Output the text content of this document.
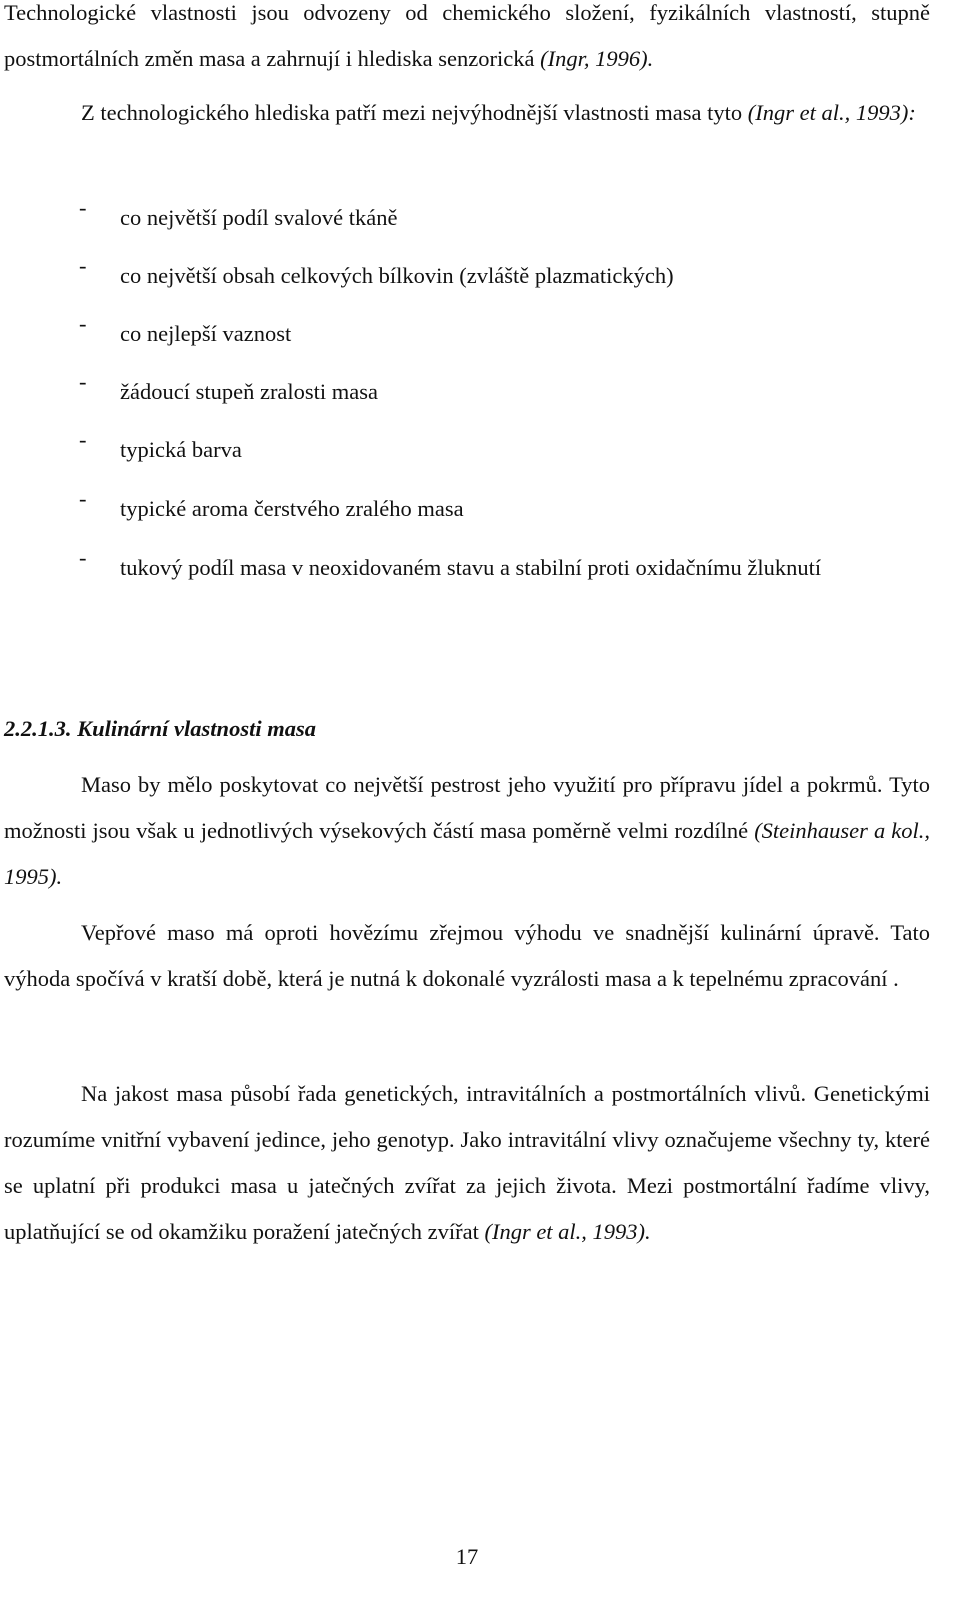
Technologické vlastnosti jsou odvozeny od chemického složení, fyzikálních vlastností, stupně postmortálních změn masa a zahrnují i hlediska senzorická (Ingr, 1996).

Z technologického hlediska patří mezi nejvýhodnější vlastnosti masa tyto (Ingr et al., 1993):

- co největší podíl svalové tkáně
- co největší obsah celkových bílkovin (zvláště plazmatických)
- co nejlepší vaznost
- žádoucí stupeň zralosti masa
- typická barva
- typické aroma čerstvého zralého masa
- tukový podíl masa v neoxidovaném stavu a stabilní proti oxidačnímu žluknutí
2.2.1.3. Kulinární vlastnosti masa

Maso by mělo poskytovat co největší pestrost jeho využití pro přípravu jídel a pokrmů. Tyto možnosti jsou však u jednotlivých výsekových částí masa poměrně velmi rozdílné (Steinhauser a kol., 1995).

Vepřové maso má oproti hovězímu zřejmou výhodu ve snadnější kulinární úpravě. Tato výhoda spočívá v kratší době, která je nutná k dokonalé vyzrálosti masa a k tepelnému zpracování .

Na jakost masa působí řada genetických, intravitálních a postmortálních vlivů. Genetickými rozumíme vnitřní vybavení jedince, jeho genotyp. Jako intravitální vlivy označujeme všechny ty, které se uplatní při produkci masa u jatečných zvířat za jejich života. Mezi postmortální řadíme vlivy, uplatňující se od okamžiku poražení jatečných zvířat (Ingr et al., 1993).

17
